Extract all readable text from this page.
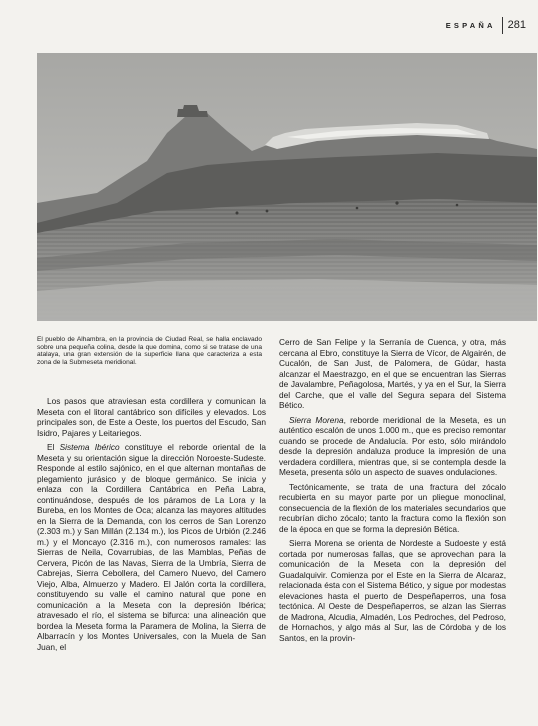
ESPAÑA 281
El pueblo de Alhambra, en la provincia de Ciudad Real, se halla enclavado sobre una pequeña colina, desde la que domina, como si se tratase de una atalaya, una gran extensión de la superficie llana que caracteriza a esta zona de la Submeseta meridional.

Los pasos que atraviesan esta cordillera y comunican la Meseta con el litoral cantábrico son difíciles y elevados. Los principales son, de Este a Oeste, los puertos del Escudo, San Isidro, Pajares y Leitariegos.

El Sistema Ibérico constituye el reborde oriental de la Meseta y su orientación sigue la dirección Noroeste-Sudeste. Responde al estilo sajónico, en el que alternan montañas de plegamiento jurásico y de bloque germánico. Se inicia y enlaza con la Cordillera Cantábrica en Peña Labra, continuándose, después de los páramos de La Lora y la Bureba, en los Montes de Oca; alcanza las mayores altitudes en la Sierra de la Demanda, con los cerros de San Lorenzo (2.303 m.) y San Millán (2.134 m.), los Picos de Urbión (2.246 m.) y el Moncayo (2.316 m.), con numerosos ramales: las Sierras de Neila, Covarrubias, de las Mamblas, Peñas de Cervera, Picón de las Navas, Sierra de la Umbría, Sierra de Cabrejas, Sierra Cebollera, del Camero Nuevo, del Camero Viejo, Alba, Almuerzo y Madero. El Jalón corta la cordillera, constituyendo su valle el camino natural que pone en comunicación a la Meseta con la depresión Ibérica; atravesado el río, el sistema se bifurca: una alineación que bordea la Meseta forma la Paramera de Molina, la Sierra de Albarracín y los Montes Universales, con la Muela de San Juan, el

Cerro de San Felipe y la Serranía de Cuenca, y otra, más cercana al Ebro, constituye la Sierra de Vícor, de Algairén, de Cucalón, de San Just, de Palomera, de Gúdar, hasta alcanzar el Maestrazgo, en el que se encuentran las Sierras de Javalambre, Peñagolosa, Martés, y ya en el Sur, la Sierra del Carche, que el valle del Segura separa del Sistema Bético.

Sierra Morena, reborde meridional de la Meseta, es un auténtico escalón de unos 1.000 m., que es preciso remontar cuando se procede de Andalucía. Por esto, sólo mirándolo desde la depresión andaluza produce la impresión de una verdadera cordillera, mientras que, si se contempla desde la Meseta, presenta sólo un aspecto de suaves ondulaciones.

Tectónicamente, se trata de una fractura del zócalo recubierta en su mayor parte por un pliegue monoclinal, consecuencia de la flexión de los materiales secundarios que recubrían dicho zócalo; tanto la fractura como la flexión son de la época en que se forma la depresión Bética.

Sierra Morena se orienta de Nordeste a Sudoeste y está cortada por numerosas fallas, que se aprovechan para la comunicación de la Meseta con la depresión del Guadalquivir. Comienza por el Este en la Sierra de Alcaraz, relacionada ésta con el Sistema Bético, y sigue por modestas elevaciones hasta el puerto de Despeñaperros, una fosa tectónica. Al Oeste de Despeñaperros, se alzan las Sierras de Madrona, Alcudia, Almadén, Los Pedroches, del Pedroso, de Hornachos, y algo más al Sur, las de Córdoba y de los Santos, en la provin-
